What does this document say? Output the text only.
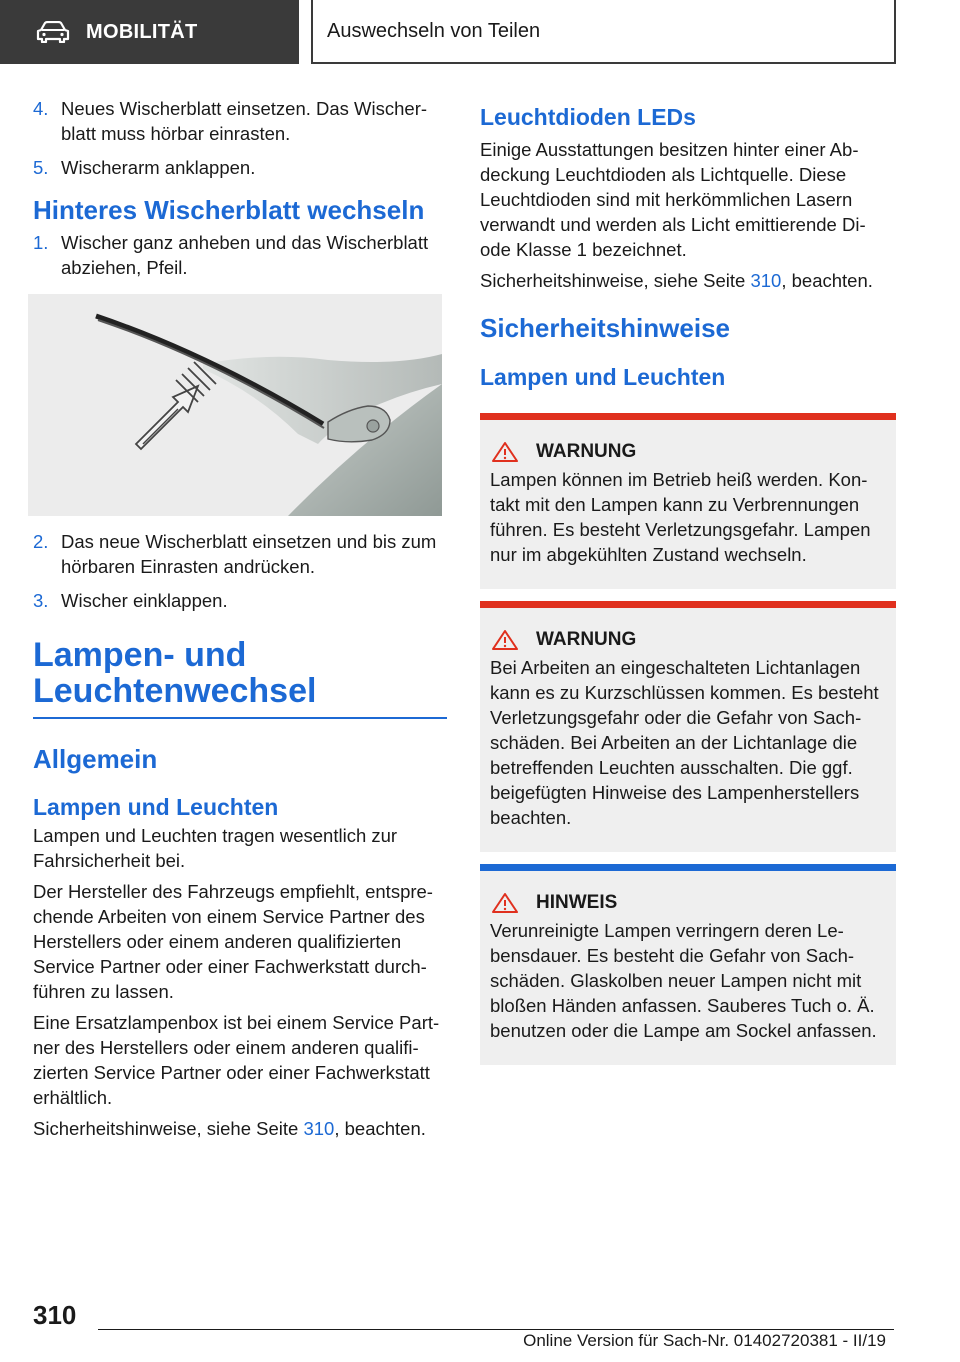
MOBILITÄT	Auswechseln von Teilen
4. Neues Wischerblatt einsetzen. Das Wischer‐blatt muss hörbar einrasten.
5. Wischerarm anklappen.
Hinteres Wischerblatt wechseln
1. Wischer ganz anheben und das Wischerblatt abziehen, Pfeil.
2. Das neue Wischerblatt einsetzen und bis zum hörbaren Einrasten andrücken.
3. Wischer einklappen.
Lampen- und Leuchtenwechsel
Allgemein
Lampen und Leuchten
Lampen und Leuchten tragen wesentlich zur Fahrsicherheit bei.
Der Hersteller des Fahrzeugs empfiehlt, entspre‐chende Arbeiten von einem Service Partner des Herstellers oder einem anderen qualifizierten Service Partner oder einer Fachwerkstatt durch‐führen zu lassen.
Eine Ersatzlampenbox ist bei einem Service Part‐ner des Herstellers oder einem anderen qualifi‐zierten Service Partner oder einer Fachwerkstatt erhältlich.
Sicherheitshinweise, siehe Seite 310, beachten.
Leuchtdioden LEDs
Einige Ausstattungen besitzen hinter einer Ab‐deckung Leuchtdioden als Lichtquelle. Diese Leuchtdioden sind mit herkömmlichen Lasern verwandt und werden als Licht emittierende Di‐ode Klasse 1 bezeichnet.
Sicherheitshinweise, siehe Seite 310, beachten.
Sicherheitshinweise
Lampen und Leuchten
WARNUNG
Lampen können im Betrieb heiß werden. Kon‐takt mit den Lampen kann zu Verbrennungen führen. Es besteht Verletzungsgefahr. Lampen nur im abgekühlten Zustand wechseln.
WARNUNG
Bei Arbeiten an eingeschalteten Lichtanlagen kann es zu Kurzschlüssen kommen. Es besteht Verletzungsgefahr oder die Gefahr von Sach‐schäden. Bei Arbeiten an der Lichtanlage die betreffenden Leuchten ausschalten. Die ggf. beigefügten Hinweise des Lampenherstellers beachten.
HINWEIS
Verunreinigte Lampen verringern deren Le‐bensdauer. Es besteht die Gefahr von Sach‐schäden. Glaskolben neuer Lampen nicht mit bloßen Händen anfassen. Sauberes Tuch o. Ä. benutzen oder die Lampe am Sockel anfassen.
310
Online Version für Sach-Nr. 01402720381 - II/19
